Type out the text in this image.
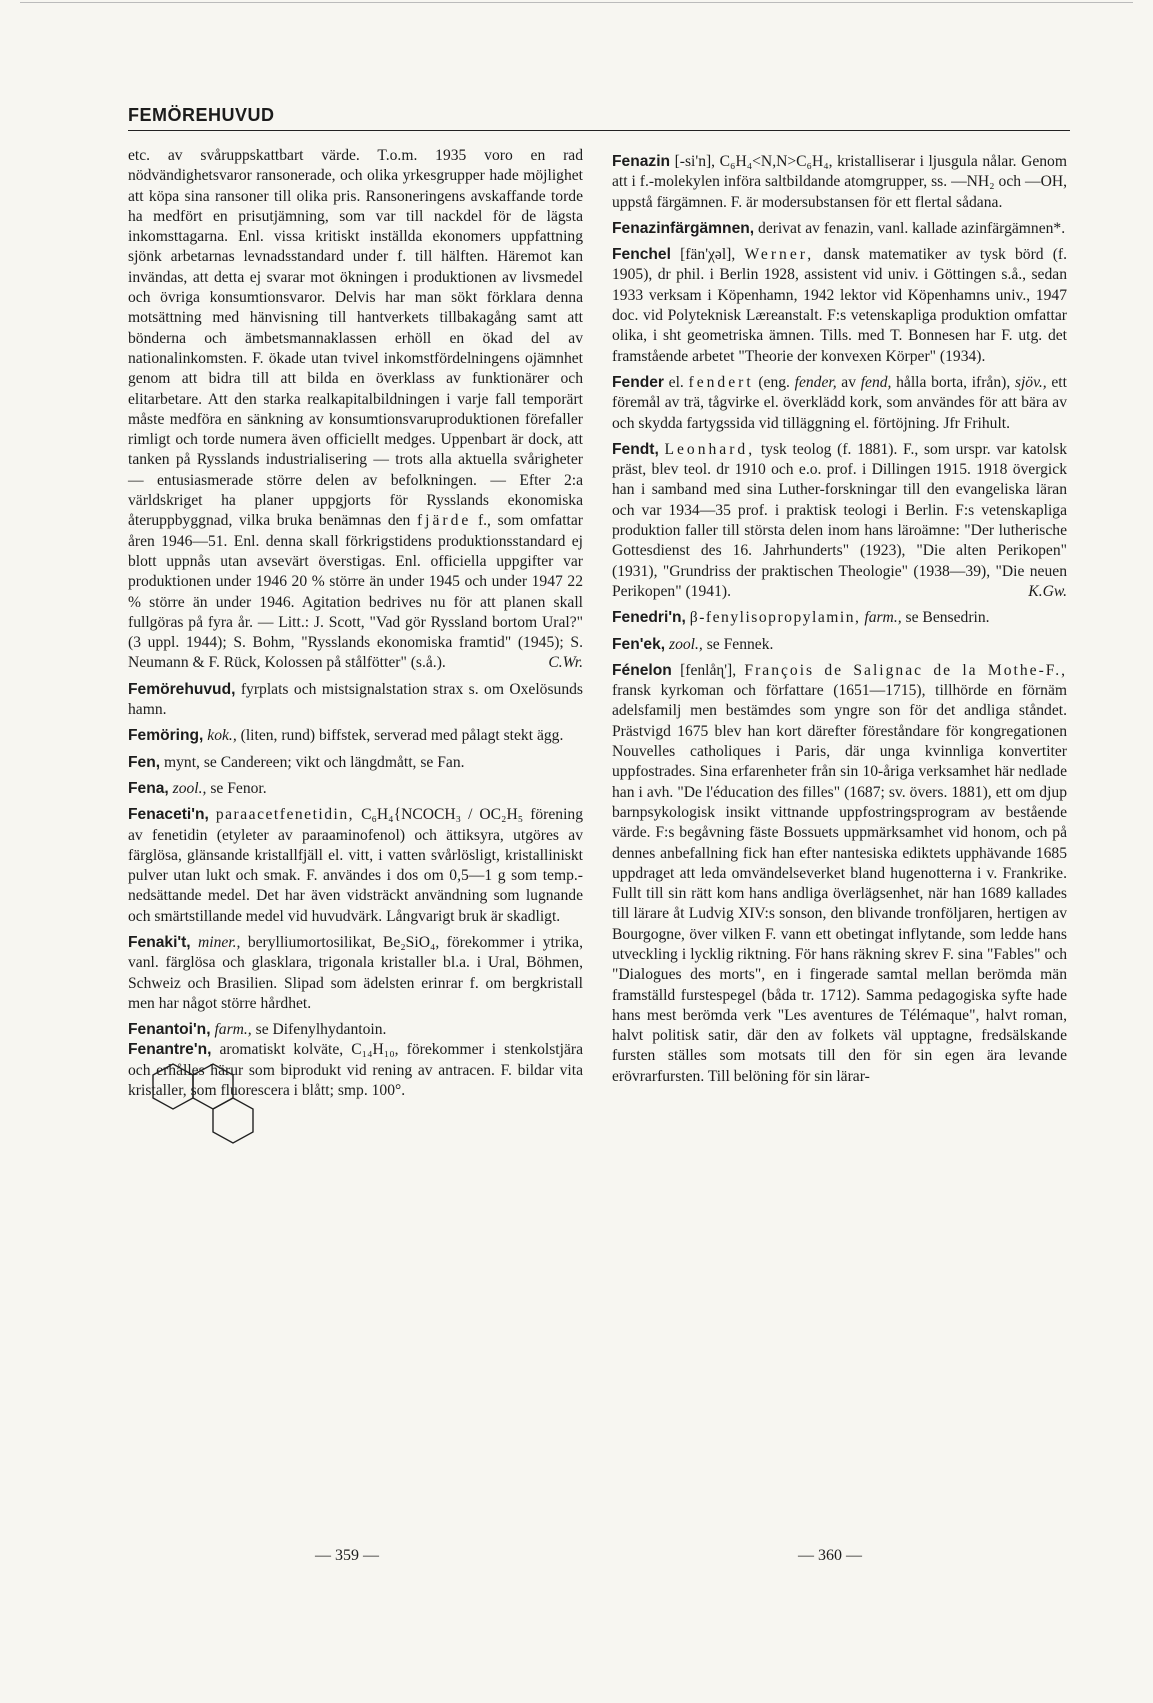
FEMÖREHUVUD

etc. av svåruppskattbart värde. T.o.m. 1935 voro en rad nödvändighetsvaror ransonerade, och olika yrkesgrupper hade möjlighet att köpa sina ransoner till olika pris. Ransoneringens avskaffande torde ha medfört en prisutjämning, som var till nackdel för de lägsta inkomsttagarna. Enl. vissa kritiskt inställda ekonomers uppfattning sjönk arbetarnas levnadsstandard under f. till hälften. Häremot kan invändas, att detta ej svarar mot ökningen i produktionen av livsmedel och övriga konsumtionsvaror. Delvis har man sökt förklara denna motsättning med hänvisning till hantverkets tillbakagång samt att bönderna och ämbetsmannaklassen erhöll en ökad del av nationalinkomsten. F. ökade utan tvivel inkomstfördelningens ojämnhet genom att bidra till att bilda en överklass av funktionärer och elitarbetare. Att den starka realkapitalbildningen i varje fall temporärt måste medföra en sänkning av konsumtionsvaruproduktionen förefaller rimligt och torde numera även officiellt medges. Uppenbart är dock, att tanken på Rysslands industrialisering — trots alla aktuella svårigheter — entusiasmerade större delen av befolkningen. — Efter 2:a världskriget ha planer uppgjorts för Rysslands ekonomiska återuppbyggnad, vilka bruka benämnas den fjärde f., som omfattar åren 1946—51. Enl. denna skall förkrigstidens produktionsstandard ej blott uppnås utan avsevärt överstigas. Enl. officiella uppgifter var produktionen under 1946 20 % större än under 1945 och under 1947 22 % större än under 1946. Agitation bedrives nu för att planen skall fullgöras på fyra år. — Litt.: J. Scott, "Vad gör Ryssland bortom Ural?" (3 uppl. 1944); S. Bohm, "Rysslands ekonomiska framtid" (1945); S. Neumann & F. Rück, Kolossen på stålfötter" (s.å.).	C.Wr.

Femörehuvud, fyrplats och mistsignalstation strax s. om Oxelösunds hamn.

Femöring, kok., (liten, rund) biffstek, serverad med pålagt stekt ägg.

Fen, mynt, se Candereen; vikt och längdmått, se Fan.

Fena, zool., se Fenor.

Fenaceti'n, paraacetfenetidin, C₆H₄{NCOCH₃ / OC₂H₅ förening av fenetidin (etyleter av paraaminofenol) och ättiksyra, utgöres av färglösa, glänsande kristallfjäll el. vitt, i vatten svårlösligt, kristalliniskt pulver utan lukt och smak. F. användes i dos om 0,5—1 g som temp.-nedsättande medel. Det har även vidsträckt användning som lugnande och smärtstillande medel vid huvudvärk. Långvarigt bruk är skadligt.

Fenaki't, miner., berylliumortosilikat, Be₂SiO₄, förekommer i ytrika, vanl. färglösa och glasklara, trigonala kristaller bl.a. i Ural, Böhmen, Schweiz och Brasilien. Slipad som ädelsten erinrar f. om bergkristall men har något större hårdhet.

Fenantoi'n, farm., se Difenylhydantoin.

Fenantre'n, aromatiskt kolväte, C₁₄H₁₀, förekommer i stenkolstjära och erhålles härur som biprodukt vid rening av antracen. F. bildar vita kristaller, som fluorescera i blått; smp. 100°.

Fenazin [-si'n], C₆H₄<N,N>C₆H₄, kristalliserar i ljusgula nålar. Genom att i f.-molekylen införa saltbildande atomgrupper, ss. —NH₂ och —OH, uppstå färgämnen. F. är modersubstansen för ett flertal sådana.

Fenazinfärgämnen, derivat av fenazin, vanl. kallade azinfärgämnen*.

Fenchel [fän'χəl], Werner, dansk matematiker av tysk börd (f. 1905), dr phil. i Berlin 1928, assistent vid univ. i Göttingen s.å., sedan 1933 verksam i Köpenhamn, 1942 lektor vid Köpenhamns univ., 1947 doc. vid Polyteknisk Læreanstalt. F:s vetenskapliga produktion omfattar olika, i sht geometriska ämnen. Tills. med T. Bonnesen har F. utg. det framstående arbetet "Theorie der konvexen Körper" (1934).

Fender el. fendert (eng. fender, av fend, hålla borta, ifrån), sjöv., ett föremål av trä, tågvirke el. överklädd kork, som användes för att bära av och skydda fartygssida vid tilläggning el. förtöjning. Jfr Frihult.

Fendt, Leonhard, tysk teolog (f. 1881). F., som urspr. var katolsk präst, blev teol. dr 1910 och e.o. prof. i Dillingen 1915. 1918 övergick han i samband med sina Luther-forskningar till den evangeliska läran och var 1934—35 prof. i praktisk teologi i Berlin. F:s vetenskapliga produktion faller till största delen inom hans läroämne: "Der lutherische Gottesdienst des 16. Jahrhunderts" (1923), "Die alten Perikopen" (1931), "Grundriss der praktischen Theologie" (1938—39), "Die neuen Perikopen" (1941).	K.Gw.

Fenedri'n, β-fenylisopropylamin, farm., se Bensedrin.

Fen'ek, zool., se Fennek.

Fénelon [fenlåɳ'], François de Salignac de la Mothe-F., fransk kyrkoman och författare (1651—1715), tillhörde en förnäm adelsfamilj men bestämdes som yngre son för det andliga ståndet. Prästvigd 1675 blev han kort därefter föreståndare för kongregationen Nouvelles catholiques i Paris, där unga kvinnliga konvertiter uppfostrades. Sina erfarenheter från sin 10-åriga verksamhet här nedlade han i avh. "De l'éducation des filles" (1687; sv. övers. 1881), ett om djup barnpsykologisk insikt vittnande uppfostringsprogram av bestående värde. F:s begåvning fäste Bossuets uppmärksamhet vid honom, och på dennes anbefallning fick han efter nantesiska ediktets upphävande 1685 uppdraget att leda omvändelseverket bland hugenotterna i v. Frankrike. Fullt till sin rätt kom hans andliga överlägsenhet, när han 1689 kallades till lärare åt Ludvig XIV:s sonson, den blivande tronföljaren, hertigen av Bourgogne, över vilken F. vann ett obetingat inflytande, som ledde hans utveckling i lycklig riktning. För hans räkning skrev F. sina "Fables" och "Dialogues des morts", en i fingerade samtal mellan berömda män framställd furstespegel (båda tr. 1712). Samma pedagogiska syfte hade hans mest berömda verk "Les aventures de Télémaque", halvt roman, halvt politisk satir, där den av folkets väl upptagne, fredsälskande fursten ställes som motsats till den för sin egen ära levande erövrarfursten. Till belöning för sin lärar-

— 359 —	— 360 —
